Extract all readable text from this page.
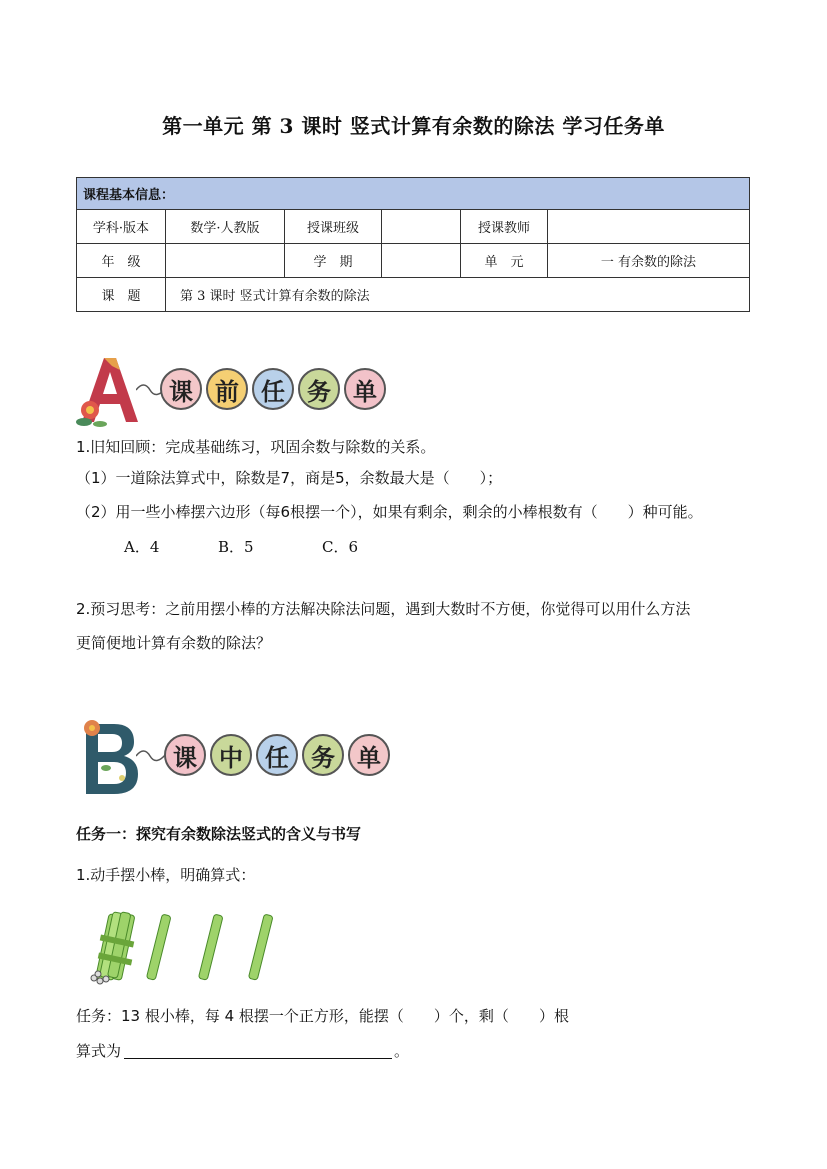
第一单元 第 3 课时 竖式计算有余数的除法 学习任务单
课程基本信息：					
学科·版本	数学·人教版	授课班级		授课教师	
年　级		学　期		单　元	一 有余数的除法
课　题	第 3 课时 竖式计算有余数的除法				
课 前 任 务 单
1.旧知回顾：完成基础练习，巩固余数与除数的关系。
（1）一道除法算式中，除数是7，商是5，余数最大是（　　）；
（2）用一些小棒摆六边形（每6根摆一个），如果有剩余，剩余的小棒根数有（　　）种可能。
A．4	B．5	C．6
2.预习思考：之前用摆小棒的方法解决除法问题，遇到大数时不方便，你觉得可以用什么方法
更简便地计算有余数的除法？
课 中 任 务 单
任务一：探究有余数除法竖式的含义与书写
1.动手摆小棒，明确算式：
任务：13 根小棒，每 4 根摆一个正方形，能摆（　　）个，剩（　　）根
算式为	。
